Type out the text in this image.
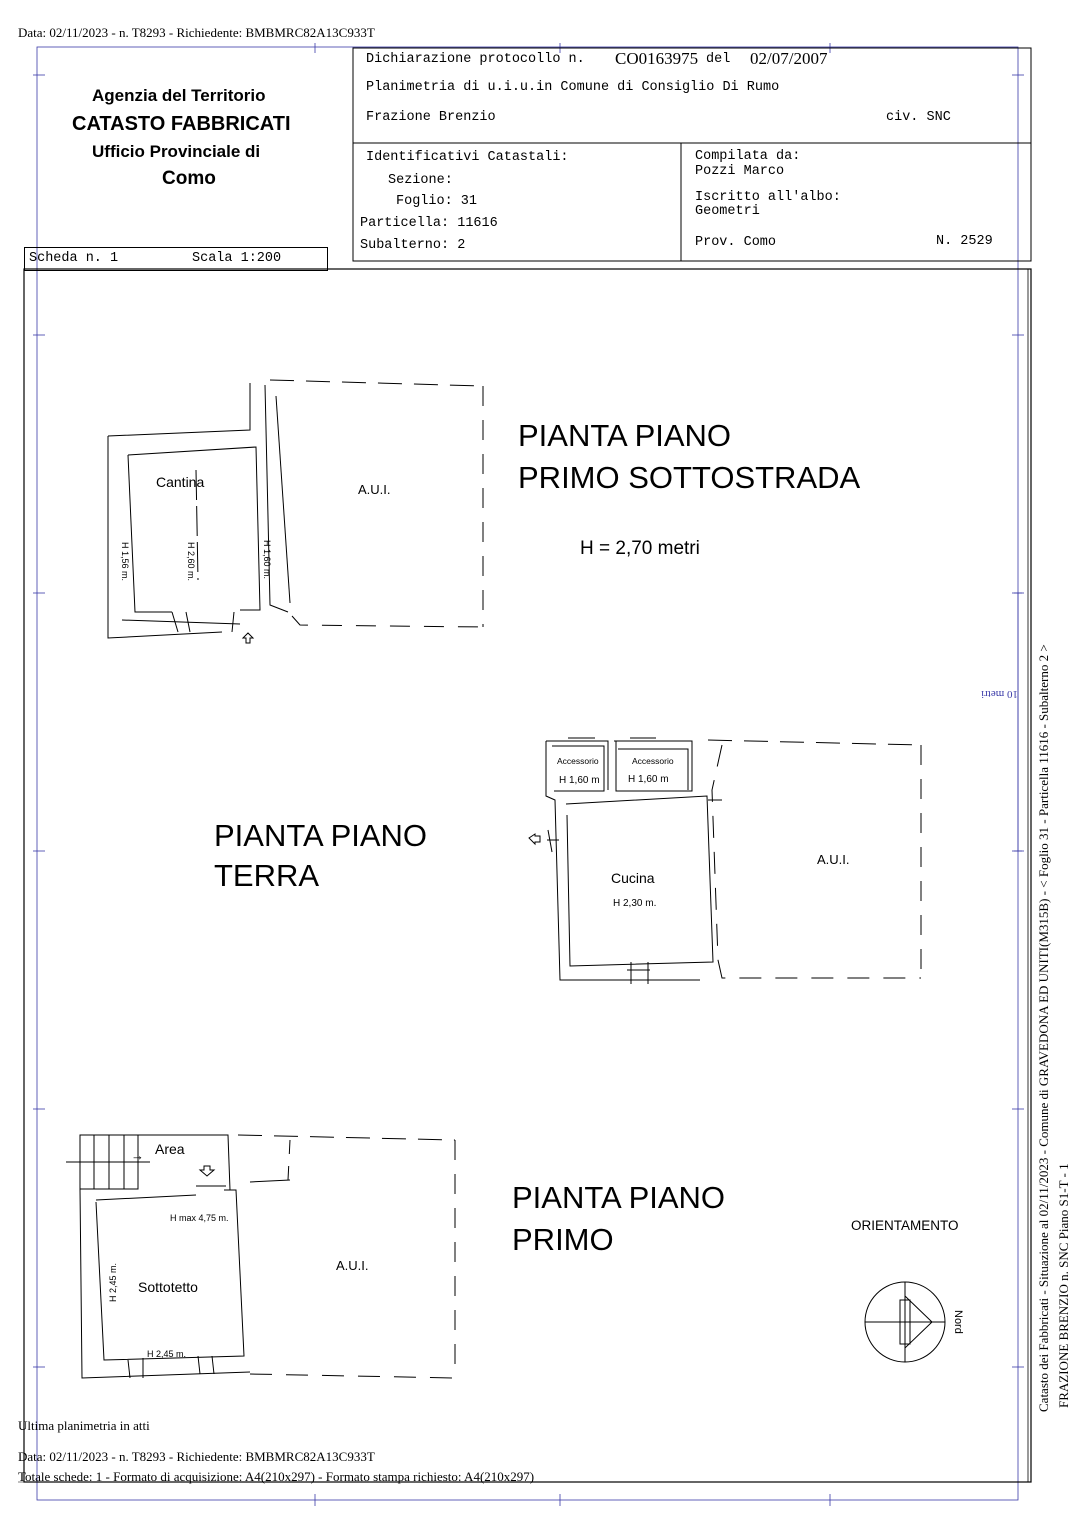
Data: 02/11/2023 - n. T8293 - Richiedente: BMBMRC82A13C933T
Agenzia del Territorio
CATASTO FABBRICATI
Ufficio Provinciale di
Como
Scheda n. 1	Scala 1:200
Dichiarazione protocollo n. CO0163975 del 02/07/2007
Planimetria di u.i.u.in Comune di Consiglio Di Rumo
Frazione Brenzio	civ. SNC
Identificativi Catastali:
Sezione:
Foglio: 31
Particella: 11616
Subalterno: 2
Compilata da:
Pozzi Marco
Iscritto all'albo:
Geometri
Prov. Como	N. 2529
PIANTA PIANO
PRIMO SOTTOSTRADA
H = 2,70 metri
Cantina	A.U.I.
H 1,56 m.	H 2,60 m.	H 1,60 m.
PIANTA PIANO
TERRA
Accessorio
H 1,60 m
Accessorio
H 1,60 m
Cucina
H 2,30 m.
A.U.I.
PIANTA PIANO
PRIMO
Area
→
H max 4,75 m.
Sottotetto
H 2,45 m.
H 2,45 m.
A.U.I.
ORIENTAMENTO
Nord
10 metri Catasto dei Fabbricati - Situazione al 02/11/2023 - Comune di GRAVEDONA ED UNITI(M315B) - < Foglio 31 - Particella 11616 - Subalterno 2 > FRAZIONE BRENZIO n. SNC Piano S1-T - 1
Ultima planimetria in atti
Data: 02/11/2023 - n. T8293 - Richiedente: BMBMRC82A13C933T
Totale schede: 1 - Formato di acquisizione: A4(210x297) - Formato stampa richiesto: A4(210x297)
